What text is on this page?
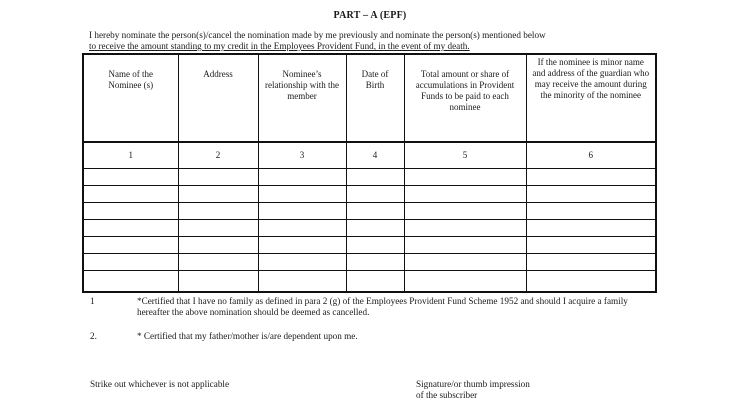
PART – A (EPF)
I hereby nominate the person(s)/cancel the nomination made by me previously and nominate the person(s) mentioned below
to receive the amount standing to my credit in the Employees Provident Fund, in the event of my death.
Name of the Nominee (s)	Address	Nominee’s relationship with the member	Date of Birth	Total amount or share of accumulations in Provident Funds to be paid to each nominee	If the nominee is minor name and address of the guardian who may receive the amount during the minority of the nominee
1	2	3	4	5	6

1	*Certified that I have no family as defined in para 2 (g) of the Employees Provident Fund Scheme 1952 and should I acquire a family hereafter the above nomination should be deemed as cancelled.
2.	* Certified that my father/mother is/are dependent upon me.
Strike out whichever is not applicable	Signature/or thumb impression
of the subscriber
